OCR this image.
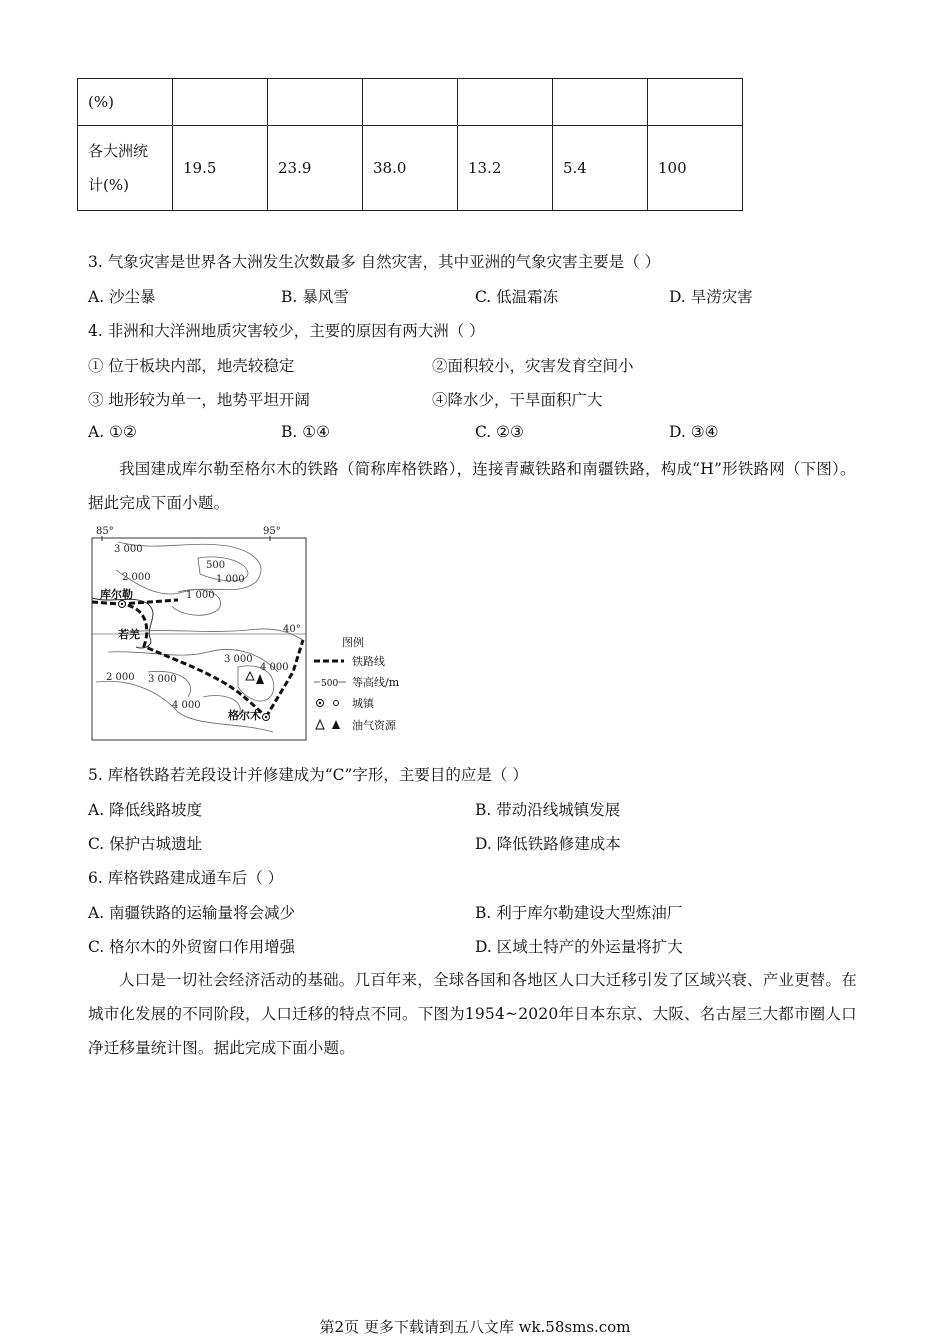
(%)						

各大洲统
计(%)	19.5	23.9	38.0	13.2	5.4	100
3. 气象灾害是世界各大洲发生次数最多 自然灾害，其中亚洲的气象灾害主要是（ ）
A. 沙尘暴	B. 暴风雪	C. 低温霜冻	D. 旱涝灾害
4. 非洲和大洋洲地质灾害较少，主要的原因有两大洲（ ）
① 位于板块内部，地壳较稳定	②面积较小，灾害发育空间小
③ 地形较为单一，地势平坦开阔	④降水少，干旱面积广大
A. ①②	B. ①④	C. ②③	D. ③④
我国建成库尔勒至格尔木的铁路（简称库格铁路），连接青藏铁路和南疆铁路，构成“H”形铁路网（下图）。据此完成下面小题。
85°	95°
40°
库尔勒
若羌
格尔木
3 000
500
1 000
2 000
1 000
3 000
4 000
2 000 3 000
4 000
图例
铁路线
500 等高线/m
城镇
油气资源
5. 库格铁路若羌段设计并修建成为“C”字形，主要目的应是（ ）
A. 降低线路坡度	B. 带动沿线城镇发展
C. 保护古城遗址	D. 降低铁路修建成本
6. 库格铁路建成通车后（ ）
A. 南疆铁路的运输量将会减少	B. 利于库尔勒建设大型炼油厂
C. 格尔木的外贸窗口作用增强	D. 区域土特产的外运量将扩大
人口是一切社会经济活动的基础。几百年来，全球各国和各地区人口大迁移引发了区域兴衰、产业更替。在城市化发展的不同阶段，人口迁移的特点不同。下图为1954~2020年日本东京、大阪、名古屋三大都市圈人口净迁移量统计图。据此完成下面小题。
第2页 更多下载请到五八文库 wk.58sms.com
